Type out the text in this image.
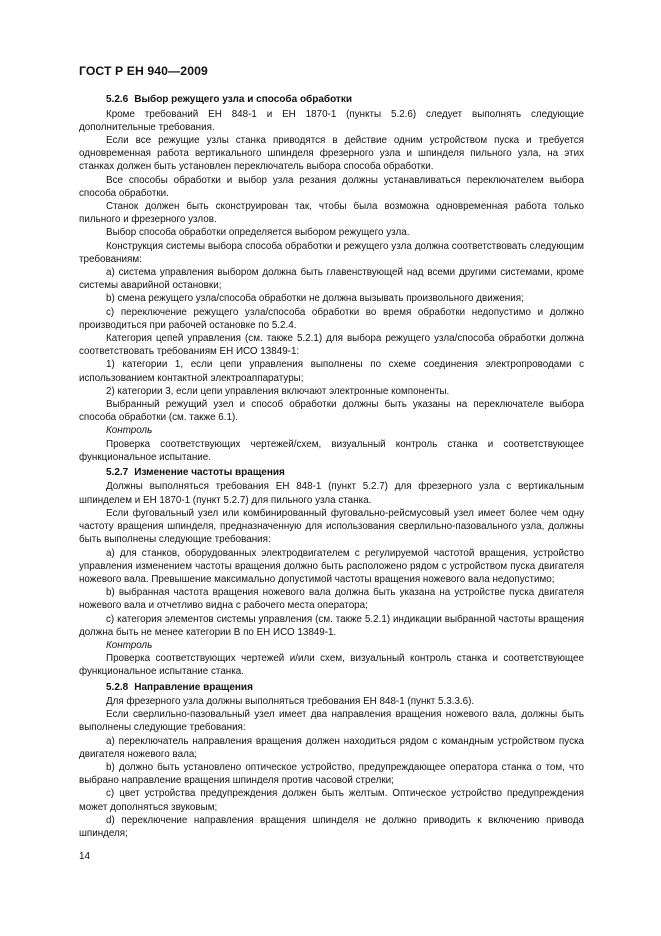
ГОСТ Р ЕН 940—2009
5.2.6 Выбор режущего узла и способа обработки

Кроме требований ЕН 848-1 и ЕН 1870-1 (пункты 5.2.6) следует выполнять следующие дополнительные требования.

Если все режущие узлы станка приводятся в действие одним устройством пуска и требуется одновременная работа вертикального шпинделя фрезерного узла и шпинделя пильного узла, на этих станках должен быть установлен переключатель выбора способа обработки.

Все способы обработки и выбор узла резания должны устанавливаться переключателем выбора способа обработки.

Станок должен быть сконструирован так, чтобы была возможна одновременная работа только пильного и фрезерного узлов.

Выбор способа обработки определяется выбором режущего узла.

Конструкция системы выбора способа обработки и режущего узла должна соответствовать следующим требованиям:

a) система управления выбором должна быть главенствующей над всеми другими системами, кроме системы аварийной остановки;

b) смена режущего узла/способа обработки не должна вызывать произвольного движения;

c) переключение режущего узла/способа обработки во время обработки недопустимо и должно производиться при рабочей остановке по 5.2.4.

Категория цепей управления (см. также 5.2.1) для выбора режущего узла/способа обработки должна соответствовать требованиям ЕН ИСО 13849-1:

1) категории 1, если цепи управления выполнены по схеме соединения электропроводами с использованием контактной электроаппаратуры;

2) категории 3, если цепи управления включают электронные компоненты.

Выбранный режущий узел и способ обработки должны быть указаны на переключателе выбора способа обработки (см. также 6.1).

Контроль

Проверка соответствующих чертежей/схем, визуальный контроль станка и соответствующее функциональное испытание.

5.2.7 Изменение частоты вращения

Должны выполняться требования ЕН 848-1 (пункт 5.2.7) для фрезерного узла с вертикальным шпинделем и ЕН 1870-1 (пункт 5.2.7) для пильного узла станка.

Если фуговальный узел или комбинированный фуговально-рейсмусовый узел имеет более чем одну частоту вращения шпинделя, предназначенную для использования сверлильно-пазовального узла, должны быть выполнены следующие требования:

a) для станков, оборудованных электродвигателем с регулируемой частотой вращения, устройство управления изменением частоты вращения должно быть расположено рядом с устройством пуска двигателя ножевого вала. Превышение максимально допустимой частоты вращения ножевого вала недопустимо;

b) выбранная частота вращения ножевого вала должна быть указана на устройстве пуска двигателя ножевого вала и отчетливо видна с рабочего места оператора;

c) категория элементов системы управления (см. также 5.2.1) индикации выбранной частоты вращения должна быть не менее категории В по ЕН ИСО 13849-1.

Контроль

Проверка соответствующих чертежей и/или схем, визуальный контроль станка и соответствующее функциональное испытание станка.

5.2.8 Направление вращения

Для фрезерного узла должны выполняться требования ЕН 848-1 (пункт 5.3.3.6).

Если сверлильно-пазовальный узел имеет два направления вращения ножевого вала, должны быть выполнены следующие требования:

a) переключатель направления вращения должен находиться рядом с командным устройством пуска двигателя ножевого вала;

b) должно быть установлено оптическое устройство, предупреждающее оператора станка о том, что выбрано направление вращения шпинделя против часовой стрелки;

c) цвет устройства предупреждения должен быть желтым. Оптическое устройство предупреждения может дополняться звуковым;

d) переключение направления вращения шпинделя не должно приводить к включению привода шпинделя;

14
